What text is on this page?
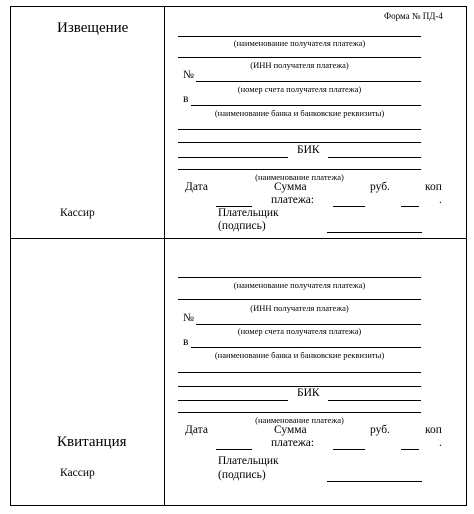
Извещение
Кассир
Квитанция
Кассир
Форма № ПД-4
(наименование получателя платежа)
(ИНН получателя платежа)
№
(номер счета получателя платежа)
в
(наименование банка и банковские реквизиты)
БИК
(наименование платежа)
Дата	Сумма
платежа:
руб.	коп
.
Плательщик
(подпись)
(наименование получателя платежа)
(ИНН получателя платежа)
№
(номер счета получателя платежа)
в
(наименование банка и банковские реквизиты)
БИК
(наименование платежа)
Дата	Сумма
платежа:
руб.	коп
.
Плательщик
(подпись)
